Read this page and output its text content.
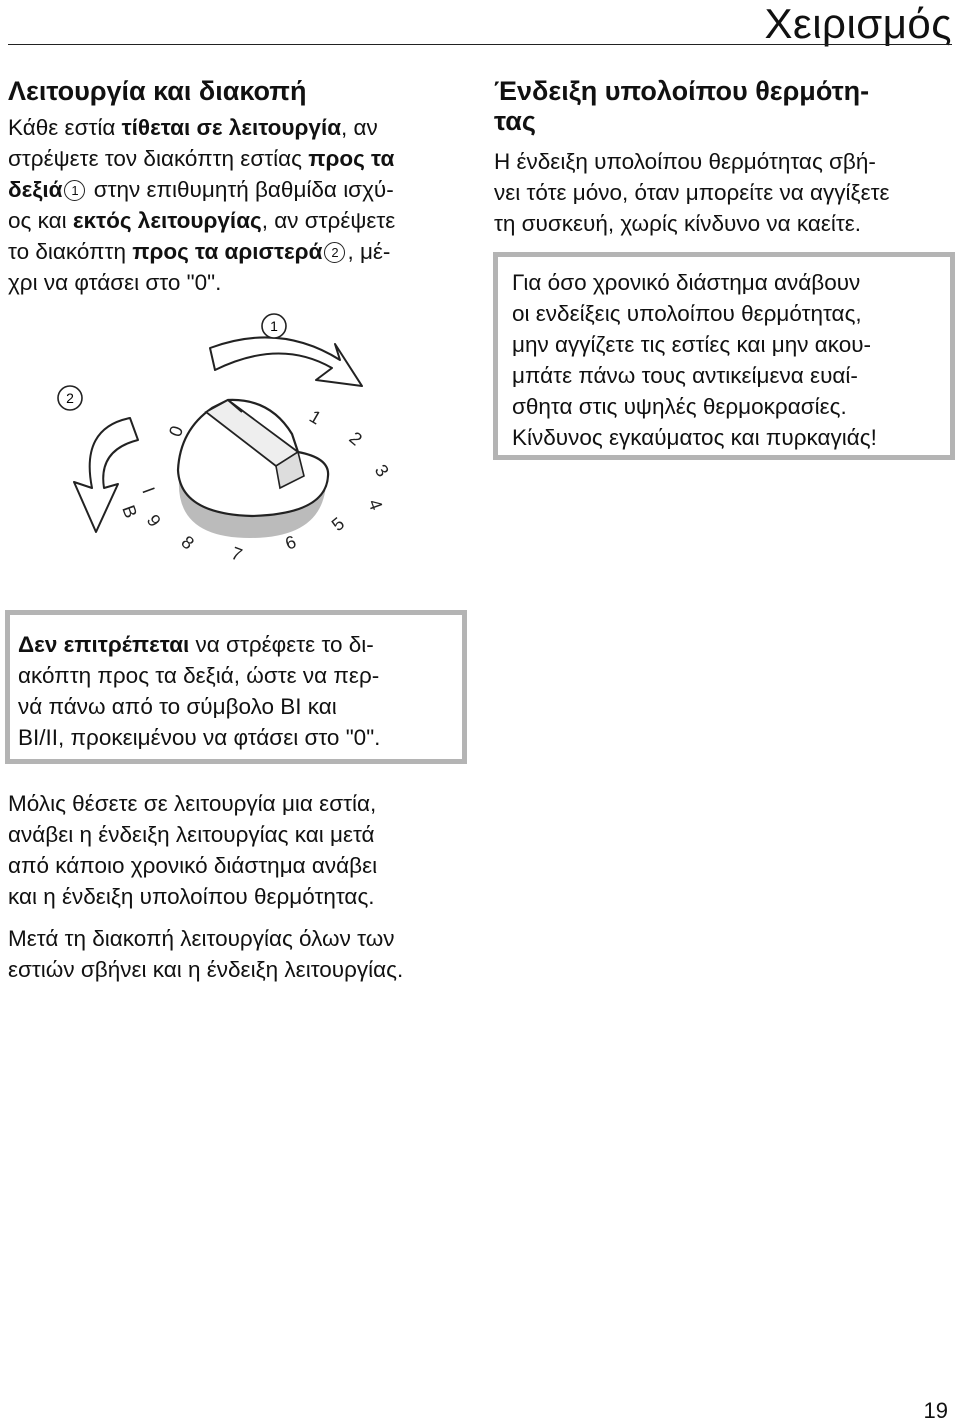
Χειρισμός
Λειτουργία και διακοπή
Κάθε εστία τίθεται σε λειτουργία, αν
στρέψετε τον διακόπτη εστίας προς τα
δεξιά 1 στην επιθυμητή βαθμίδα ισχύ-
ος και εκτός λειτουργίας, αν στρέψετε
το διακόπτη προς τα αριστερά 2 , μέ-
χρι να φτάσει στο "0".
1
2
0
1
2
3
4
5
6
7
8
9
B
I
Ένδειξη υπολοίπου θερμότη-
τας
Η ένδειξη υπολοίπου θερμότητας σβή-
νει τότε μόνο, όταν μπορείτε να αγγίξετε
τη συσκευή, χωρίς κίνδυνο να καείτε.

Για όσο χρονικό διάστημα ανάβουν

οι ενδείξεις υπολοίπου θερμότητας,

μην αγγίζετε τις εστίες και μην ακου-

μπάτε πάνω τους αντικείμενα ευαί-

σθητα στις υψηλές θερμοκρασίες.

Κίνδυνος εγκαύματος και πυρκαγιάς!

Δεν επιτρέπεται να στρέφετε το δι-

ακόπτη προς τα δεξιά, ώστε να περ-

νά πάνω από το σύμβολο BI και

BI/II, προκειμένου να φτάσει στο "0".

Μόλις θέσετε σε λειτουργία μια εστία,
ανάβει η ένδειξη λειτουργίας και μετά
από κάποιο χρονικό διάστημα ανάβει
και η ένδειξη υπολοίπου θερμότητας.
Μετά τη διακοπή λειτουργίας όλων των
εστιών σβήνει και η ένδειξη λειτουργίας.
19
